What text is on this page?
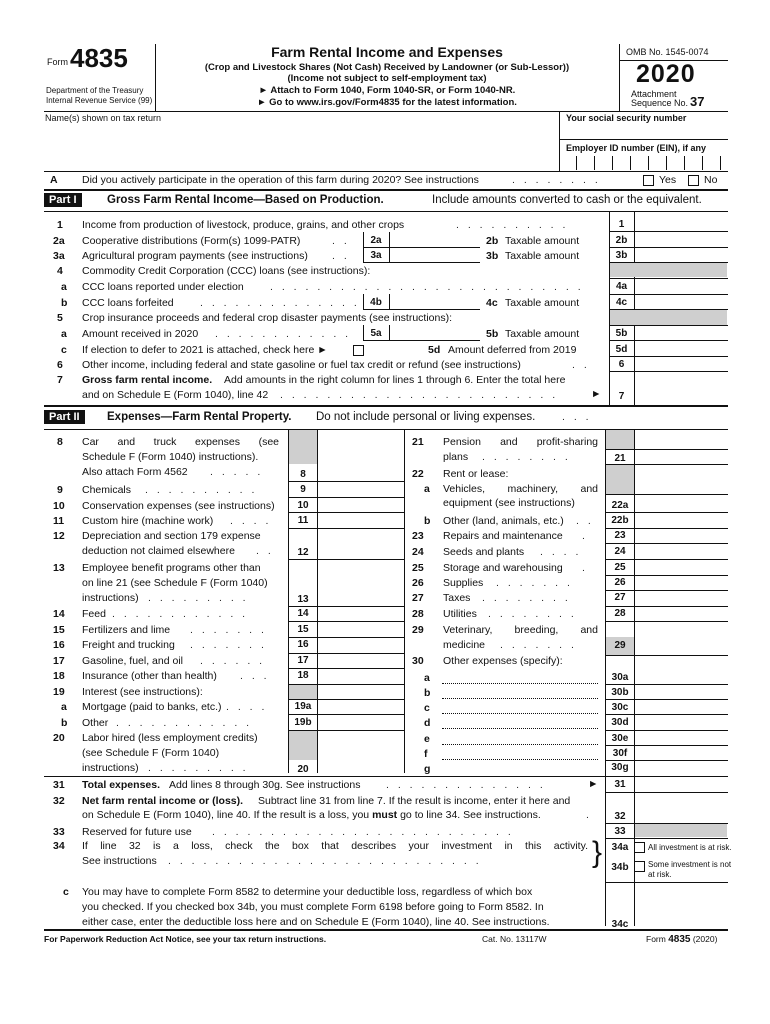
Form 4835
Department of the Treasury
Internal Revenue Service (99)
Farm Rental Income and Expenses
(Crop and Livestock Shares (Not Cash) Received by Landowner (or Sub-Lessor))
(Income not subject to self-employment tax)
► Attach to Form 1040, Form 1040-SR, or Form 1040-NR.
► Go to www.irs.gov/Form4835 for the latest information.
OMB No. 1545-0074
2020
Attachment
Sequence No. 37
Name(s) shown on tax return	Your social security number
Employer ID number (EIN), if any
A Did you actively participate in the operation of this farm during 2020? See instructions	. . . . . . . .	Yes	No
Part I	Gross Farm Rental Income—Based on Production.	Include amounts converted to cash or the equivalent.
1 Income from production of livestock, produce, grains, and other crops	. . . . . . . . . .	1
2a Cooperative distributions (Form(s) 1099-PATR)	. .	2a	2b Taxable amount	2b
3a Agricultural program payments (see instructions) . .	3a	3b Taxable amount	3b
4 Commodity Credit Corporation (CCC) loans (see instructions):
a CCC loans reported under election	. . . . . . . . . . . . . . . . . . . . . . . . . . .	4a
b CCC loans forfeited	. . . . . . . . . . . . . .	4b	4c Taxable amount	4c
5 Crop insurance proceeds and federal crop disaster payments (see instructions):
a Amount received in 2020 . . . . . . . . . . . .	5a	5b Taxable amount	5b
c If election to defer to 2021 is attached, check here ►	5d Amount deferred from 2019	5d
6 Other income, including federal and state gasoline or fuel tax credit or refund (see instructions)	. .	6
7 Gross farm rental income. Add amounts in the right column for lines 1 through 6. Enter the total here
and on Schedule E (Form 1040), line 42 . . . . . . . . . . . . . . . . . . . . . . . .	►	7
Part II	Expenses—Farm Rental Property. Do not include personal or living expenses.	. . .
8 Car and truck expenses (see
Schedule F (Form 1040) instructions).
Also attach Form 4562 . . . . .	8
9 Chemicals . . . . . . . . . .	9
10 Conservation expenses (see instructions)	10
11 Custom hire (machine work) . . . .	11
12 Depreciation and section 179 expense
deduction not claimed elsewhere . .	12
13 Employee benefit programs other than
on line 21 (see Schedule F (Form 1040)
instructions) . . . . . . . . .	13
14 Feed . . . . . . . . . . . .	14
15 Fertilizers and lime . . . . . . .	15
16 Freight and trucking . . . . . . .	16
17 Gasoline, fuel, and oil . . . . . .	17
18 Insurance (other than health) . . .	18
19 Interest (see instructions):
a Mortgage (paid to banks, etc.) . . . .	19a
b Other . . . . . . . . . . . .	19b
20 Labor hired (less employment credits)
(see Schedule F (Form 1040)
instructions) . . . . . . . . .	20
21 Pension and profit-sharing
plans . . . . . . . .	21
22 Rent or lease:
a Vehicles, machinery, and
equipment (see instructions)	22a
b Other (land, animals, etc.) . .	22b
23 Repairs and maintenance .	23
24 Seeds and plants . . . .	24
25 Storage and warehousing .	25
26 Supplies . . . . . . .	26
27 Taxes . . . . . . . .	27
28 Utilities . . . . . . . .	28
29 Veterinary, breeding, and
medicine . . . . . . .	29
30 Other expenses (specify):
a	30a
b	30b
c	30c
d	30d
e	30e
f	30f
g	30g
31 Total expenses. Add lines 8 through 30g. See instructions . . . . . . . . . . . . . .	►	31
32 Net farm rental income or (loss). Subtract line 31 from line 7. If the result is income, enter it here and
on Schedule E (Form 1040), line 40. If the result is a loss, you must go to line 34. See instructions.	.	32
33 Reserved for future use . . . . . . . . . . . . . . . . . . . . . . . . . .	33
34 If line 32 is a loss, check the box that describes your investment in this activity.
See instructions . . . . . . . . . . . . . . . . . . . . . . . . . . .	} 34a	All investment is at risk.
34b	Some investment is not
at risk.
c You may have to complete Form 8582 to determine your deductible loss, regardless of which box
you checked. If you checked box 34b, you must complete Form 6198 before going to Form 8582. In
either case, enter the deductible loss here and on Schedule E (Form 1040), line 40. See instructions.	34c
For Paperwork Reduction Act Notice, see your tax return instructions.	Cat. No. 13117W	Form 4835 (2020)
